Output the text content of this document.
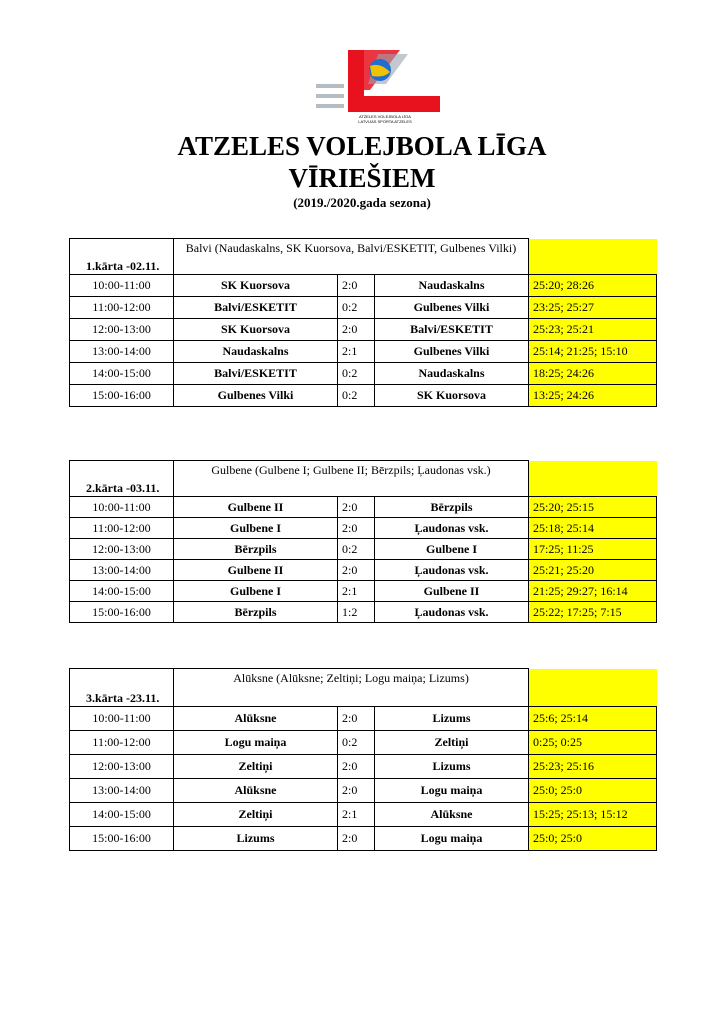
ATZELES VOLEJBOLA LĪGA
LATVIJAS SPORTA ATZELES
ATZELES VOLEJBOLA LĪGA
VĪRIEŠIEM
(2019./2020.gada sezona)
1.kārta -02.11.	Balvi (Naudaskalns, SK Kuorsova, Balvi/ESKETIT, Gulbenes Vilki)			
10:00-11:00	SK Kuorsova	2:0	Naudaskalns	25:20; 28:26
11:00-12:00	Balvi/ESKETIT	0:2	Gulbenes Vilki	23:25; 25:27
12:00-13:00	SK Kuorsova	2:0	Balvi/ESKETIT	25:23; 25:21
13:00-14:00	Naudaskalns	2:1	Gulbenes Vilki	25:14; 21:25; 15:10
14:00-15:00	Balvi/ESKETIT	0:2	Naudaskalns	18:25; 24:26
15:00-16:00	Gulbenes Vilki	0:2	SK Kuorsova	13:25; 24:26
2.kārta -03.11.	Gulbene (Gulbene I; Gulbene II; Bērzpils; Ļaudonas vsk.)			
10:00-11:00	Gulbene II	2:0	Bērzpils	25:20; 25:15
11:00-12:00	Gulbene I	2:0	Ļaudonas vsk.	25:18; 25:14
12:00-13:00	Bērzpils	0:2	Gulbene I	17:25; 11:25
13:00-14:00	Gulbene II	2:0	Ļaudonas vsk.	25:21; 25:20
14:00-15:00	Gulbene I	2:1	Gulbene II	21:25; 29:27; 16:14
15:00-16:00	Bērzpils	1:2	Ļaudonas vsk.	25:22; 17:25; 7:15
3.kārta -23.11.	Alūksne (Alūksne; Zeltiņi; Logu maiņa; Lizums)			
10:00-11:00	Alūksne	2:0	Lizums	25:6; 25:14
11:00-12:00	Logu maiņa	0:2	Zeltiņi	0:25; 0:25
12:00-13:00	Zeltiņi	2:0	Lizums	25:23; 25:16
13:00-14:00	Alūksne	2:0	Logu maiņa	25:0; 25:0
14:00-15:00	Zeltiņi	2:1	Alūksne	15:25; 25:13; 15:12
15:00-16:00	Lizums	2:0	Logu maiņa	25:0; 25:0
